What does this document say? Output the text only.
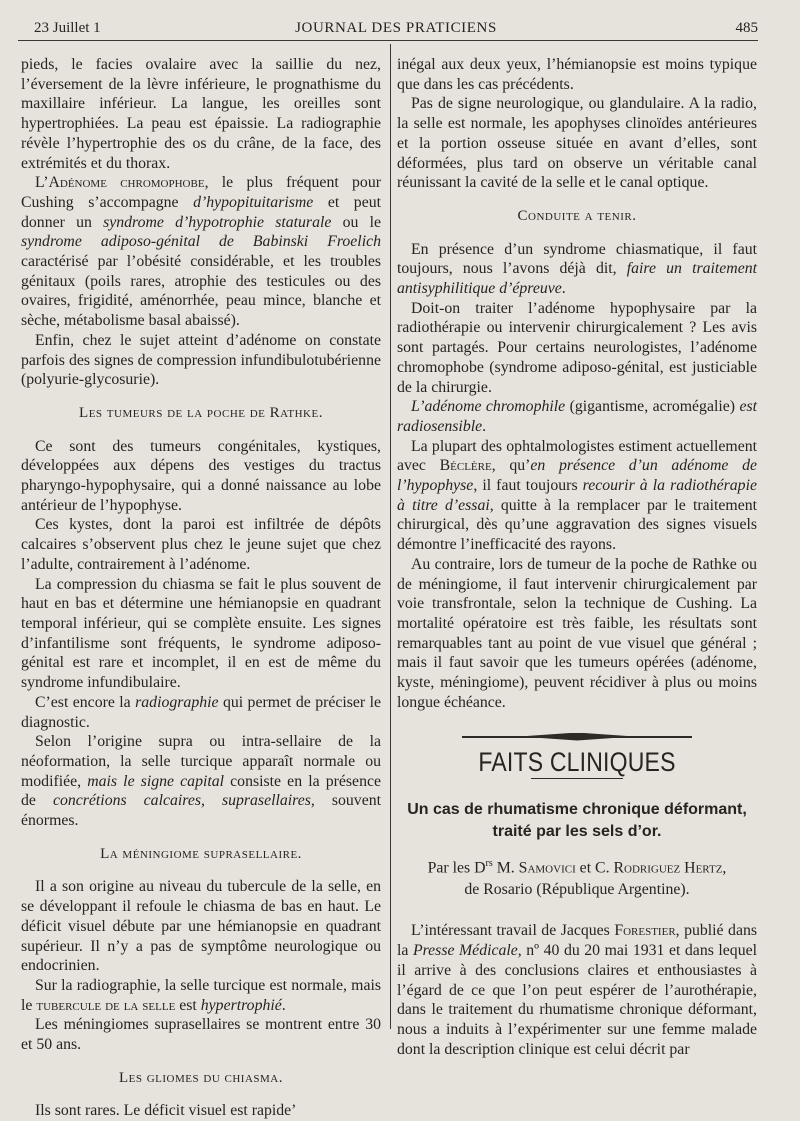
23 Juillet 1	JOURNAL DES PRATICIENS	485

pieds, le facies ovalaire avec la saillie du nez, l’éversement de la lèvre inférieure, le prognathisme du maxillaire inférieur. La langue, les oreilles sont hypertrophiées. La peau est épaissie. La radiographie révèle l’hypertrophie des os du crâne, de la face, des extrémités et du thorax.

L’Adénome chromophobe, le plus fréquent pour Cushing s’accompagne d’hypopituitarisme et peut donner un syndrome d’hypotrophie staturale ou le syndrome adiposo-génital de Babinski Froelich caractérisé par l’obésité considérable, et les troubles génitaux (poils rares, atrophie des testicules ou des ovaires, frigidité, aménorrhée, peau mince, blanche et sèche, métabolisme basal abaissé).

Enfin, chez le sujet atteint d’adénome on constate parfois des signes de compression infundibulotubérienne (polyurie-glycosurie).

Les tumeurs de la poche de Rathke.

Ce sont des tumeurs congénitales, kystiques, développées aux dépens des vestiges du tractus pharyngo-hypophysaire, qui a donné naissance au lobe antérieur de l’hypophyse.

Ces kystes, dont la paroi est infiltrée de dépôts calcaires s’observent plus chez le jeune sujet que chez l’adulte, contrairement à l’adénome.

La compression du chiasma se fait le plus souvent de haut en bas et détermine une hémianopsie en quadrant temporal inférieur, qui se complète ensuite. Les signes d’infantilisme sont fréquents, le syndrome adiposo-génital est rare et incomplet, il en est de même du syndrome infundibulaire.

C’est encore la radiographie qui permet de préciser le diagnostic.

Selon l’origine supra ou intra-sellaire de la néoformation, la selle turcique apparaît normale ou modifiée, mais le signe capital consiste en la présence de concrétions calcaires, suprasellaires, souvent énormes.

La méningiome suprasellaire.

Il a son origine au niveau du tubercule de la selle, en se développant il refoule le chiasma de bas en haut. Le déficit visuel débute par une hémianopsie en quadrant supérieur. Il n’y a pas de symptôme neurologique ou endocrinien.

Sur la radiographie, la selle turcique est normale, mais le tubercule de la selle est hypertrophié.

Les méningiomes suprasellaires se montrent entre 30 et 50 ans.

Les gliomes du chiasma.

Ils sont rares. Le déficit visuel est rapide’

inégal aux deux yeux, l’hémianopsie est moins typique que dans les cas précédents.

Pas de signe neurologique, ou glandulaire. A la radio, la selle est normale, les apophyses clinoïdes antérieures et la portion osseuse située en avant d’elles, sont déformées, plus tard on observe un véritable canal réunissant la cavité de la selle et le canal optique.

Conduite a tenir.

En présence d’un syndrome chiasmatique, il faut toujours, nous l’avons déjà dit, faire un traitement antisyphilitique d’épreuve.

Doit-on traiter l’adénome hypophysaire par la radiothérapie ou intervenir chirurgicalement ? Les avis sont partagés. Pour certains neurologistes, l’adénome chromophobe (syndrome adiposo-génital, est justiciable de la chirurgie.

L’adénome chromophile (gigantisme, acromégalie) est radiosensible.

La plupart des ophtalmologistes estiment actuellement avec Béclère, qu’en présence d’un adénome de l’hypophyse, il faut toujours recourir à la radiothérapie à titre d’essai, quitte à la remplacer par le traitement chirurgical, dès qu’une aggravation des signes visuels démontre l’inefficacité des rayons.

Au contraire, lors de tumeur de la poche de Rathke ou de méningiome, il faut intervenir chirurgicalement par voie transfrontale, selon la technique de Cushing. La mortalité opératoire est très faible, les résultats sont remarquables tant au point de vue visuel que général ; mais il faut savoir que les tumeurs opérées (adénome, kyste, méningiome), peuvent récidiver à plus ou moins longue échéance.

FAITS CLINIQUES
Un cas de rhumatisme chronique déformant, traité par les sels d’or.
Par les $D^{rs}$ M. Samovici et C. Rodriguez Hertz,
de Rosario (République Argentine).

L’intéressant travail de Jacques Forestier, publié dans la Presse Médicale, nº 40 du 20 mai 1931 et dans lequel il arrive à des conclusions claires et enthousiastes à l’égard de ce que l’on peut espérer de l’aurothérapie, dans le traitement du rhumatisme chronique déformant, nous a induits à l’expérimenter sur une femme malade dont la description clinique est celui décrit par
